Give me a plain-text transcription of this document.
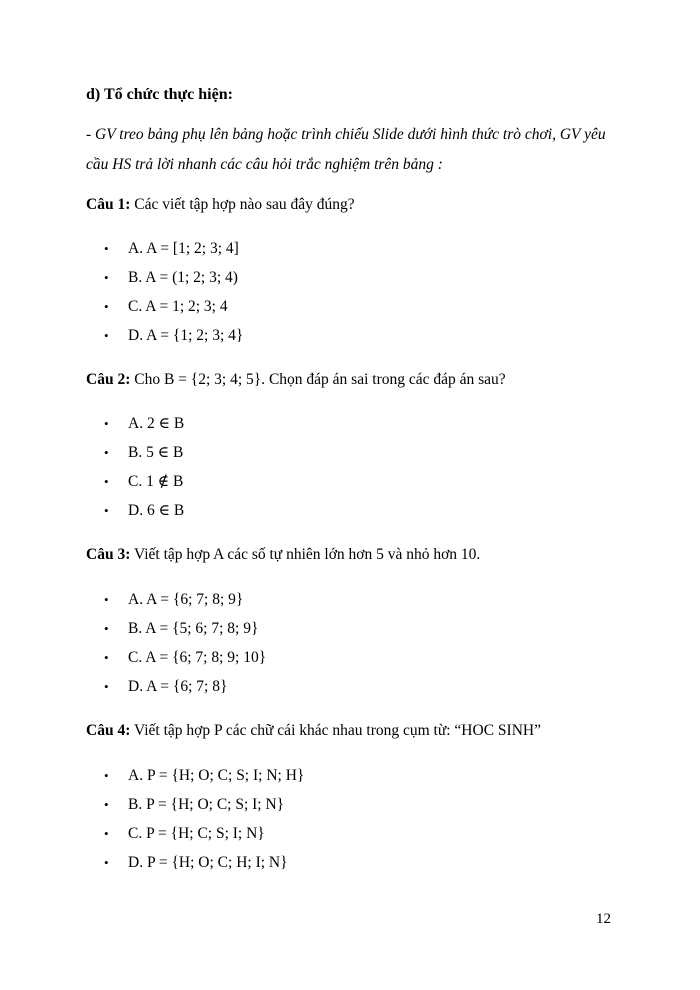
d) Tổ chức thực hiện:
- GV treo bảng phụ lên bảng hoặc trình chiếu Slide dưới hình thức trò chơi, GV yêu cầu HS trả lời nhanh các câu hỏi trắc nghiệm trên bảng :
Câu 1: Các viết tập hợp nào sau đây đúng?
• A. A = [1; 2; 3; 4]
• B. A = (1; 2; 3; 4)
• C. A = 1; 2; 3; 4
• D. A = {1; 2; 3; 4}
Câu 2: Cho B = {2; 3; 4; 5}. Chọn đáp án sai trong các đáp án sau?
• A. 2 ∈ B
• B. 5 ∈ B
• C. 1 ∉ B
• D. 6 ∈ B
Câu 3: Viết tập hợp A các số tự nhiên lớn hơn 5 và nhỏ hơn 10.
• A. A = {6; 7; 8; 9}
• B. A = {5; 6; 7; 8; 9}
• C. A = {6; 7; 8; 9; 10}
• D. A = {6; 7; 8}
Câu 4: Viết tập hợp P các chữ cái khác nhau trong cụm từ: “HOC SINH”
• A. P = {H; O; C; S; I; N; H}
• B. P = {H; O; C; S; I; N}
• C. P = {H; C; S; I; N}
• D. P = {H; O; C; H; I; N}
12
